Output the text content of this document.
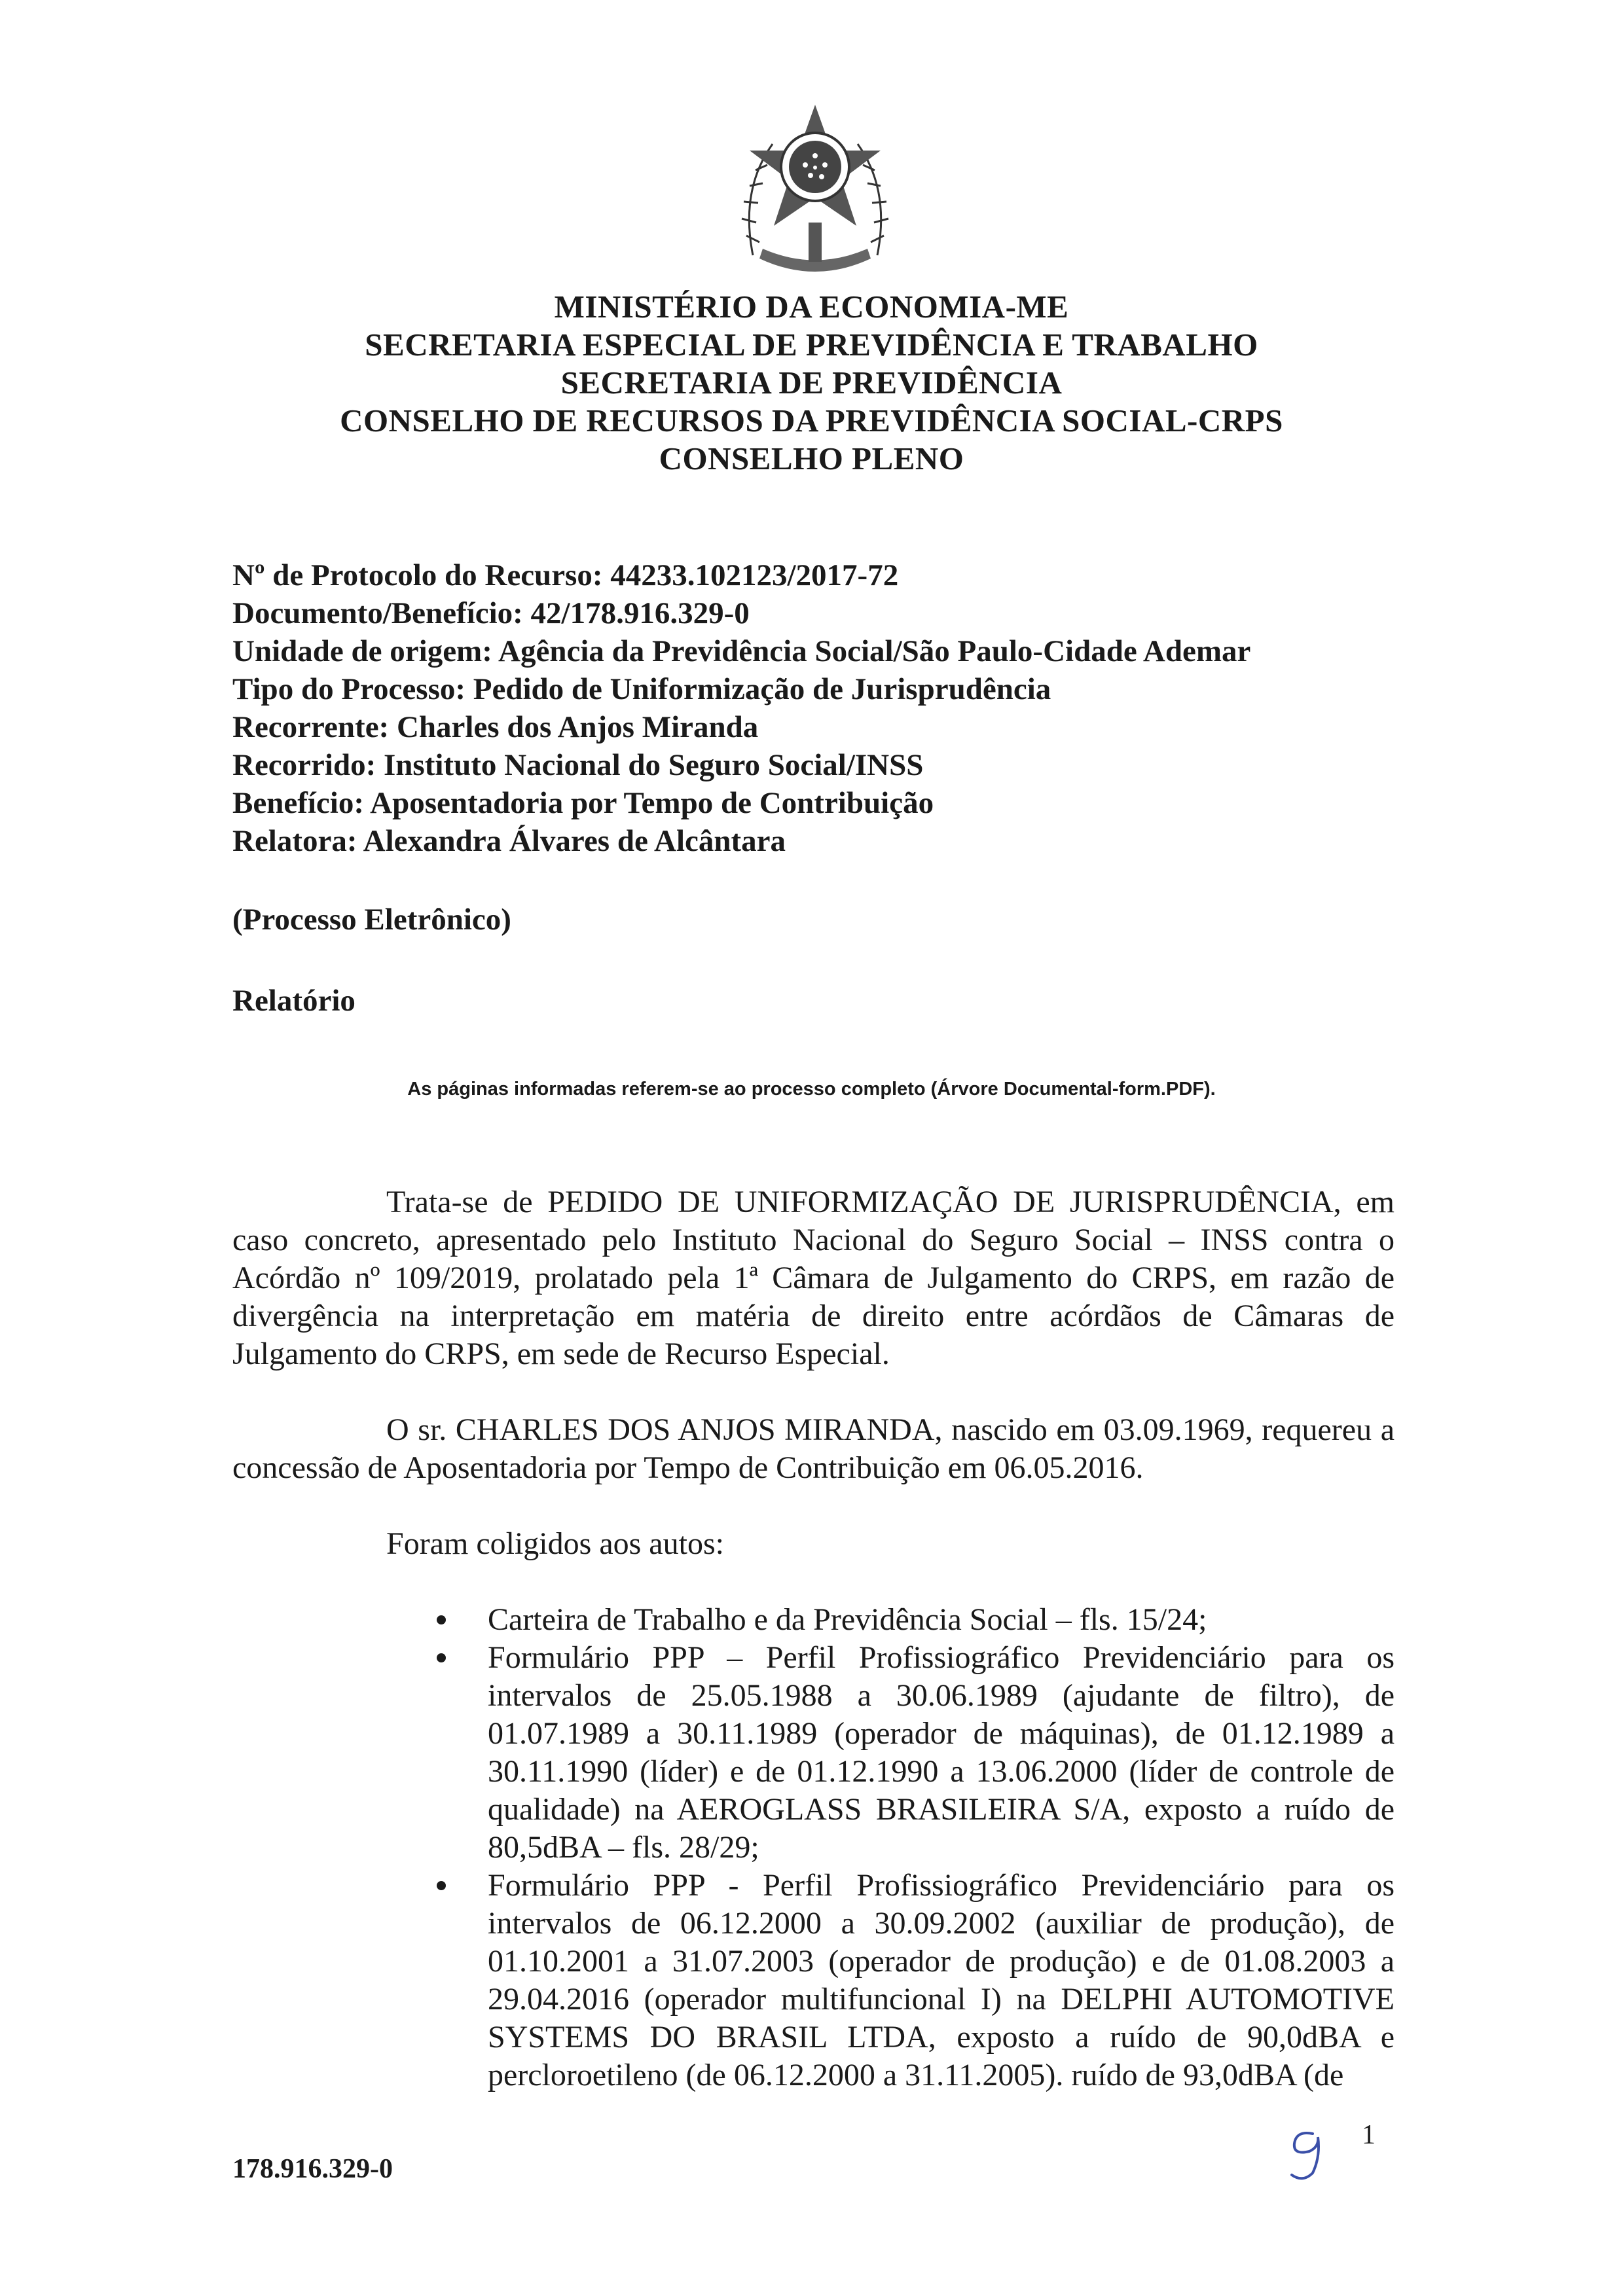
MINISTÉRIO DA ECONOMIA-ME
SECRETARIA ESPECIAL DE PREVIDÊNCIA E TRABALHO
SECRETARIA DE PREVIDÊNCIA
CONSELHO DE RECURSOS DA PREVIDÊNCIA SOCIAL-CRPS
CONSELHO PLENO
Nº de Protocolo do Recurso: 44233.102123/2017-72
Documento/Benefício: 42/178.916.329-0
Unidade de origem: Agência da Previdência Social/São Paulo-Cidade Ademar
Tipo do Processo: Pedido de Uniformização de Jurisprudência
Recorrente: Charles dos Anjos Miranda
Recorrido: Instituto Nacional do Seguro Social/INSS
Benefício: Aposentadoria por Tempo de Contribuição
Relatora: Alexandra Álvares de Alcântara
(Processo Eletrônico)
Relatório
As páginas informadas referem-se ao processo completo (Árvore Documental-form.PDF).

Trata-se de PEDIDO DE UNIFORMIZAÇÃO DE JURISPRUDÊNCIA, em caso concreto, apresentado pelo Instituto Nacional do Seguro Social – INSS contra o Acórdão nº 109/2019, prolatado pela 1ª Câmara de Julgamento do CRPS, em razão de divergência na interpretação em matéria de direito entre acórdãos de Câmaras de Julgamento do CRPS, em sede de Recurso Especial.

O sr. CHARLES DOS ANJOS MIRANDA, nascido em 03.09.1969, requereu a concessão de Aposentadoria por Tempo de Contribuição em 06.05.2016.

Foram coligidos aos autos:

Carteira de Trabalho e da Previdência Social – fls. 15/24;
Formulário PPP – Perfil Profissiográfico Previdenciário para os intervalos de 25.05.1988 a 30.06.1989 (ajudante de filtro), de 01.07.1989 a 30.11.1989 (operador de máquinas), de 01.12.1989 a 30.11.1990 (líder) e de 01.12.1990 a 13.06.2000 (líder de controle de qualidade) na AEROGLASS BRASILEIRA S/A, exposto a ruído de 80,5dBA – fls. 28/29;
Formulário PPP - Perfil Profissiográfico Previdenciário para os intervalos de 06.12.2000 a 30.09.2002 (auxiliar de produção), de 01.10.2001 a 31.07.2003 (operador de produção) e de 01.08.2003 a 29.04.2016 (operador multifuncional I) na DELPHI AUTOMOTIVE SYSTEMS DO BRASIL LTDA, exposto a ruído de 90,0dBA e percloroetileno (de 06.12.2000 a 31.11.2005). ruído de 93,0dBA (de
178.916.329-0
1
